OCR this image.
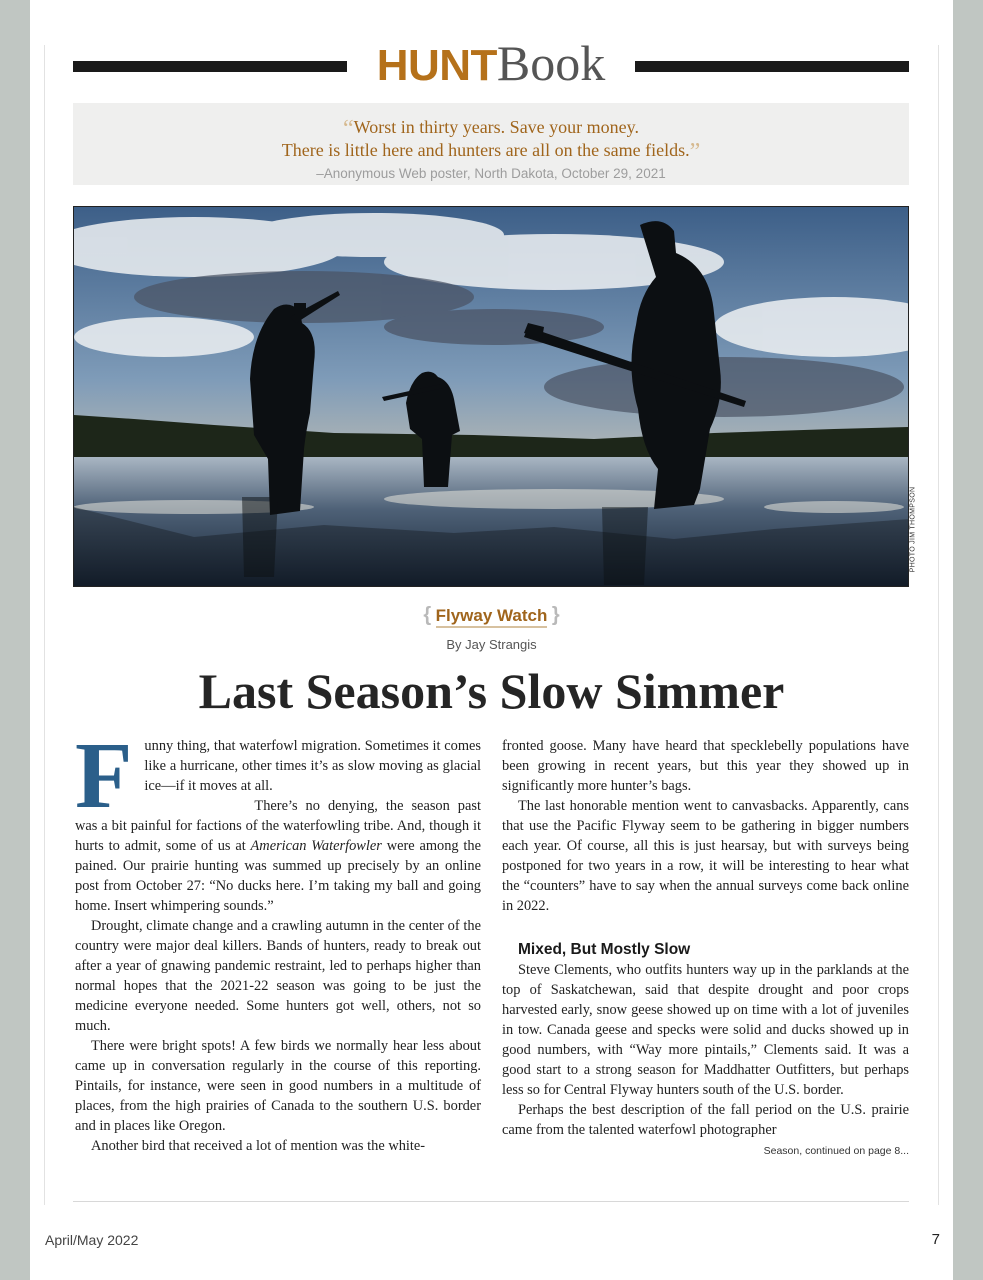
HUNTBook
“Worst in thirty years. Save your money.
There is little here and hunters are all on the same fields.”
–Anonymous Web poster, North Dakota, October 29, 2021
PHOTO JIM THOMPSON
{ Flyway Watch }
By Jay Strangis
Last Season’s Slow Simmer

Funny thing, that waterfowl migration. Sometimes it comes like a hurricane, other times it’s as slow moving as glacial ice—if it moves at all.

There’s no denying, the season past was a bit painful for factions of the waterfowling tribe. And, though it hurts to admit, some of us at American Waterfowler were among the pained. Our prairie hunting was summed up precisely by an online post from October 27: “No ducks here. I’m taking my ball and going home. Insert whimpering sounds.”

Drought, climate change and a crawling autumn in the center of the country were major deal killers. Bands of hunters, ready to break out after a year of gnawing pandemic restraint, led to perhaps higher than normal hopes that the 2021-22 season was going to be just the medicine everyone needed. Some hunters got well, others, not so much.

There were bright spots! A few birds we normally hear less about came up in conversation regularly in the course of this reporting. Pintails, for instance, were seen in good numbers in a multitude of places, from the high prairies of Canada to the southern U.S. border and in places like Oregon.

Another bird that received a lot of mention was the white-

fronted goose. Many have heard that specklebelly populations have been growing in recent years, but this year they showed up in significantly more hunter’s bags.

The last honorable mention went to canvasbacks. Apparently, cans that use the Pacific Flyway seem to be gathering in bigger numbers each year. Of course, all this is just hearsay, but with surveys being postponed for two years in a row, it will be interesting to hear what the “counters” have to say when the annual surveys come back online in 2022.

Mixed, But Mostly Slow

Steve Clements, who outfits hunters way up in the parklands at the top of Saskatchewan, said that despite drought and poor crops harvested early, snow geese showed up on time with a lot of juveniles in tow. Canada geese and specks were solid and ducks showed up in good numbers, with “Way more pintails,” Clements said. It was a good start to a strong season for Maddhatter Outfitters, but perhaps less so for Central Flyway hunters south of the U.S. border.

Perhaps the best description of the fall period on the U.S. prairie came from the talented waterfowl photographer

Season, continued on page 8...
April/May 2022	7
